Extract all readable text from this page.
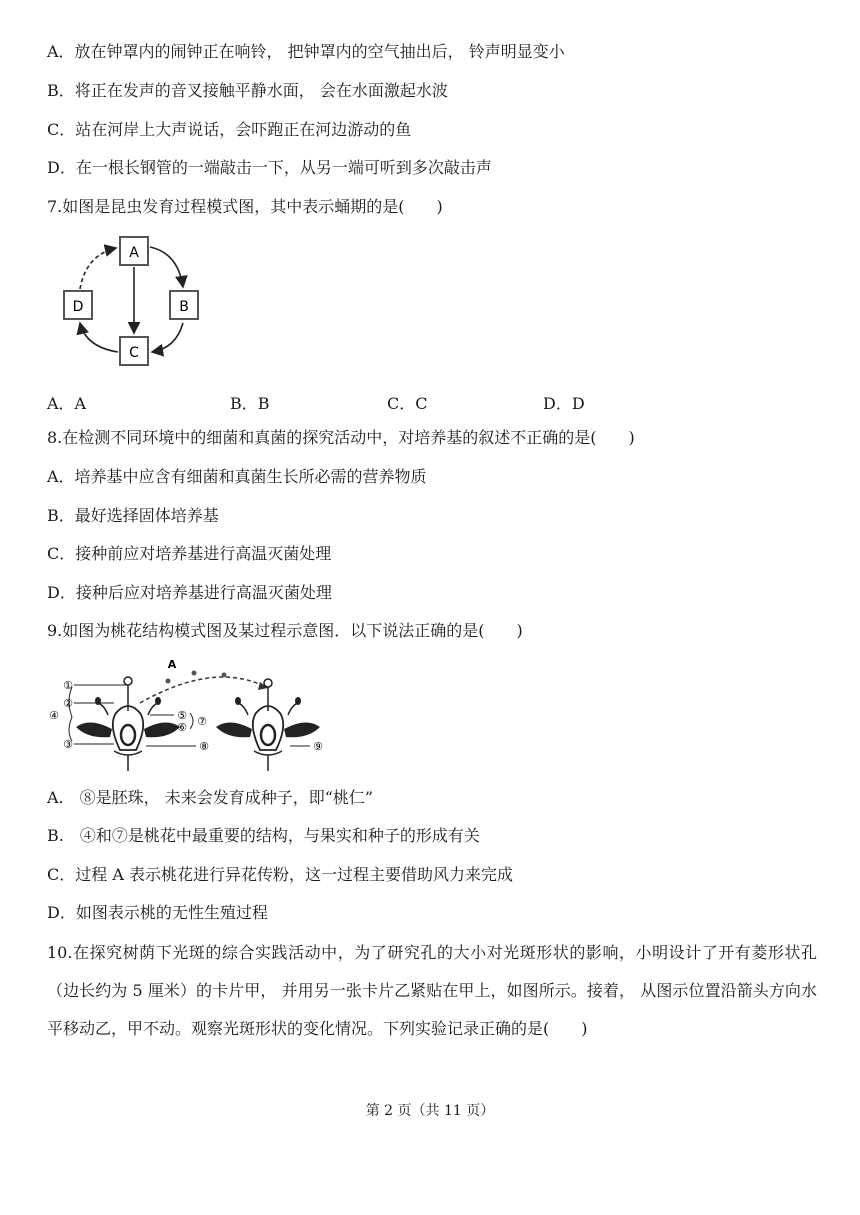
A．放在钟罩内的闹钟正在响铃， 把钟罩内的空气抽出后， 铃声明显变小
B．将正在发声的音叉接触平静水面， 会在水面激起水波
C．站在河岸上大声说话，会吓跑正在河边游动的鱼
D．在一根长钢管的一端敲击一下，从另一端可听到多次敲击声
7.如图是昆虫发育过程模式图，其中表示蛹期的是(　　)
A
B
C
D
A．A	B．B	C．C	D．D
8.在检测不同环境中的细菌和真菌的探究活动中，对培养基的叙述不正确的是(　　)
A．培养基中应含有细菌和真菌生长所必需的营养物质
B．最好选择固体培养基
C．接种前应对培养基进行高温灭菌处理
D．接种后应对培养基进行高温灭菌处理
9.如图为桃花结构模式图及某过程示意图．以下说法正确的是(　　)
A
①
②
③
④	⑤
⑥ ⑦
⑧	⑨
A.　⑧是胚珠， 未来会发育成种子，即“桃仁”
B.　④和⑦是桃花中最重要的结构，与果实和种子的形成有关
C．过程 A 表示桃花进行异花传粉，这一过程主要借助风力来完成
D．如图表示桃的无性生殖过程
10.在探究树荫下光斑的综合实践活动中，为了研究孔的大小对光斑形状的影响，小明设计了开有菱形状孔（边长约为 5 厘米）的卡片甲， 并用另一张卡片乙紧贴在甲上，如图所示。接着， 从图示位置沿箭头方向水平移动乙，甲不动。观察光斑形状的变化情况。下列实验记录正确的是(　　)
第 2 页（共 11 页）
